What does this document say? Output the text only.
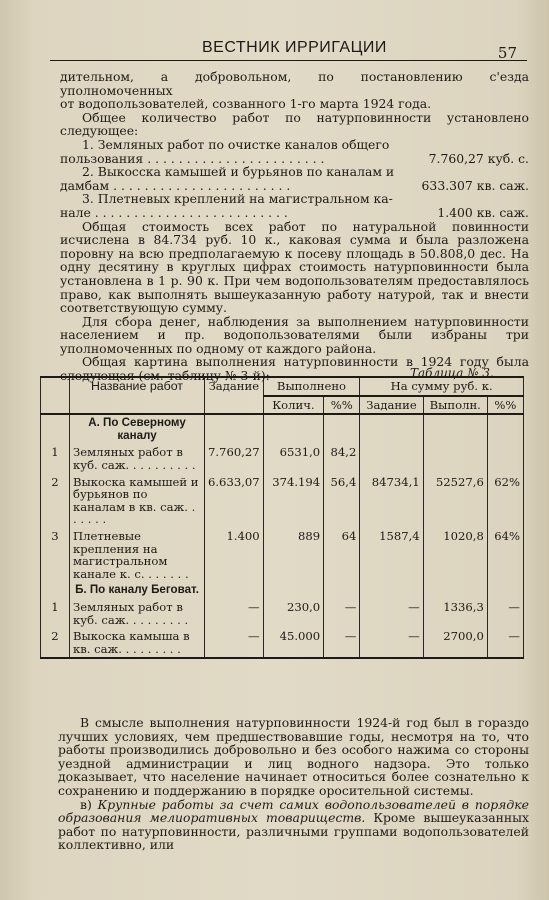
ВЕСТНИК ИРРИГАЦИИ	57

дительном, а добровольном, по постановлению с'езда уполномоченных

от водопользователей, созванного 1-го марта 1924 года.

Общее количество работ по натурповинности установлено следующее:

1. Земляных работ по очистке каналов общего

пользования . . . . . . . . . . . . . . . . . . . . . . .	7.760,27 куб. с.

2. Выкосска камышей и бурьянов по каналам и

дамбам . . . . . . . . . . . . . . . . . . . . . . .	633.307 кв. саж.

3. Плетневых креплений на магистральном ка-

нале . . . . . . . . . . . . . . . . . . . . . . . . .	1.400 кв. саж.

Общая стоимость всех работ по натуральной повинности исчислена в 84.734 руб. 10 к., каковая сумма и была разложена поровну на всю предполагаемую к посеву площадь в 50.808,0 дес. На одну десятину в круглых цифрах стоимость натурповинности была установлена в 1 р. 90 к. При чем водопользователям предоставлялось право, как выполнять вышеуказанную работу натурой, так и внести соответствующую сумму.

Для сбора денег, наблюдения за выполнением натурповинности населением и пр. водопользователями были избраны три уполномоченных по одному от каждого района.

Общая картина выполнения натурповинности в 1924 году была следующая (см. таблицу № 3-й):	Таблица № 3.
	Название работ	Задание	Выполнено		На сумму руб. к.		
			Колич.	%%	Задание	Выполн.	%%
	А. По Северному каналу						
1	Земляных работ в куб. саж. . . . . . . . . .	7.760,27	6531,0	84,2			
2	Выкоска камышей и бурьянов по каналам в кв. саж. . . . . . .	6.633,07	374.194	56,4	84734,1	52527,6	62%
3	Плетневые крепления на магистральном канале к. с. . . . . . .	1.400	889	64	1587,4	1020,8	64%
	Б. По каналу Беговат.						
1	Земляных работ в куб. саж. . . . . . . . .	—	230,0	—	—	1336,3	—
2	Выкоска камыша в кв. саж. . . . . . . . .	—	45.000	—	—	2700,0	—

В смысле выполнения натурповинности 1924-й год был в гораздо лучших условиях, чем предшествовавшие годы, несмотря на то, что работы производились добровольно и без особого нажима со стороны уездной администрации и лиц водного надзора. Это только доказывает, что население начинает относиться более сознательно к сохранению и поддержанию в порядке оросительной системы.

в) Крупные работы за счет самих водопользователей в порядке образования мелиоративных товариществ. Кроме вышеуказанных работ по натурповинности, различными группами водопользователей коллективно, или
